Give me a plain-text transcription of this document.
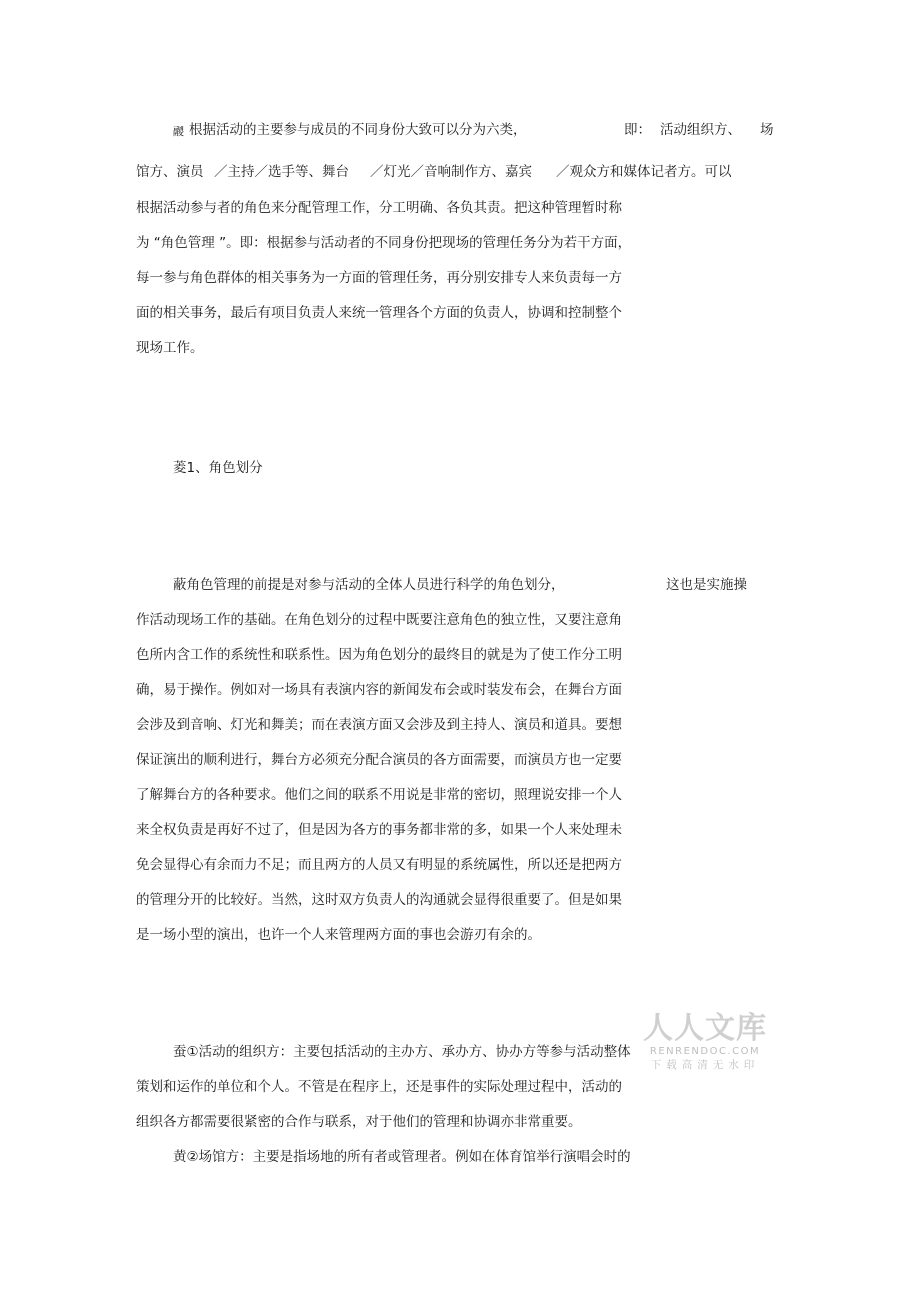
鬷 根据活动的主要参与成员的不同身份大致可以分为六类，	即： 活动组织方、 场
馆方、演员 ／主持／选手等、舞台 ／灯光／音响制作方、嘉宾 ／观众方和媒体记者方。可以
根据活动参与者的角色来分配管理工作，分工明确、各负其责。把这种管理暂时称
为 “角色管理 ”。即：根据参与活动者的不同身份把现场的管理任务分为若干方面，
每一参与角色群体的相关事务为一方面的管理任务，再分别安排专人来负责每一方
面的相关事务，最后有项目负责人来统一管理各个方面的负责人，协调和控制整个
现场工作。
菱1、角色划分
蔽角色管理的前提是对参与活动的全体人员进行科学的角色划分，	这也是实施操
作活动现场工作的基础。在角色划分的过程中既要注意角色的独立性，又要注意角
色所内含工作的系统性和联系性。因为角色划分的最终目的就是为了使工作分工明
确，易于操作。例如对一场具有表演内容的新闻发布会或时装发布会，在舞台方面
会涉及到音响、灯光和舞美；而在表演方面又会涉及到主持人、演员和道具。要想
保证演出的顺利进行，舞台方必须充分配合演员的各方面需要，而演员方也一定要
了解舞台方的各种要求。他们之间的联系不用说是非常的密切，照理说安排一个人
来全权负责是再好不过了，但是因为各方的事务都非常的多，如果一个人来处理未
免会显得心有余而力不足；而且两方的人员又有明显的系统属性，所以还是把两方
的管理分开的比较好。当然，这时双方负责人的沟通就会显得很重要了。但是如果
是一场小型的演出，也许一个人来管理两方面的事也会游刃有余的。
人人文库
RENRENDOC.COM
下载高清无水印
蚕①活动的组织方：主要包括活动的主办方、承办方、协办方等参与活动整体
策划和运作的单位和个人。不管是在程序上，还是事件的实际处理过程中，活动的
组织各方都需要很紧密的合作与联系，对于他们的管理和协调亦非常重要。
黄②场馆方：主要是指场地的所有者或管理者。例如在体育馆举行演唱会时的
